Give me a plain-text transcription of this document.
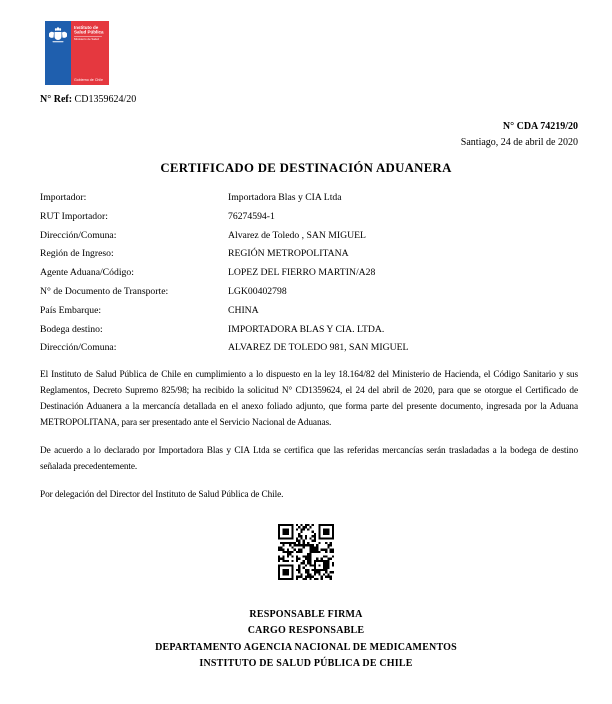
Instituto de
Salud Pública
Ministerio de Salud
Gobierno de Chile
N° Ref: CD1359624/20
N° CDA 74219/20
Santiago, 24 de abril de 2020
CERTIFICADO DE DESTINACIÓN ADUANERA
Importador:	Importadora Blas y CIA Ltda
RUT Importador:	76274594-1
Dirección/Comuna:	Alvarez de Toledo , SAN MIGUEL
Región de Ingreso:	REGIÓN METROPOLITANA
Agente Aduana/Código:	LOPEZ DEL FIERRO MARTIN/A28
N° de Documento de Transporte:	LGK00402798
País Embarque:	CHINA
Bodega destino:	IMPORTADORA BLAS Y CIA. LTDA.
Dirección/Comuna:	ALVAREZ DE TOLEDO 981, SAN MIGUEL
El Instituto de Salud Pública de Chile en cumplimiento a lo dispuesto en la ley 18.164/82 del Ministerio de Hacienda, el Código Sanitario y sus
Reglamentos, Decreto Supremo 825/98; ha recibido la solicitud N° CD1359624, el 24 del abril de 2020, para que se otorgue el Certificado de
Destinación Aduanera a la mercancía detallada en el anexo foliado adjunto, que forma parte del presente documento, ingresada por la Aduana
METROPOLITANA, para ser presentado ante el Servicio Nacional de Aduanas.
De acuerdo a lo declarado por Importadora Blas y CIA Ltda se certifica que las referidas mercancías serán trasladadas a la bodega de destino
señalada precedentemente.
Por delegación del Director del Instituto de Salud Pública de Chile.
RESPONSABLE FIRMA
CARGO RESPONSABLE
DEPARTAMENTO AGENCIA NACIONAL DE MEDICAMENTOS
INSTITUTO DE SALUD PÚBLICA DE CHILE
